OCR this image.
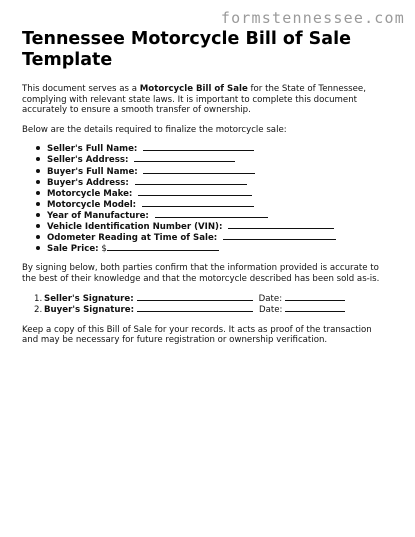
formstennessee.com
Tennessee Motorcycle Bill of Sale Template

This document serves as a Motorcycle Bill of Sale for the State of Tennessee, complying with relevant state laws. It is important to complete this document accurately to ensure a smooth transfer of ownership.

Below are the details required to finalize the motorcycle sale:

Seller's Full Name:
Seller's Address:
Buyer's Full Name:
Buyer's Address:
Motorcycle Make:
Motorcycle Model:
Year of Manufacture:
Vehicle Identification Number (VIN):
Odometer Reading at Time of Sale:
Sale Price: $

By signing below, both parties confirm that the information provided is accurate to the best of their knowledge and that the motorcycle described has been sold as-is.

1. Seller's Signature:	Date:
2. Buyer's Signature:	Date:

Keep a copy of this Bill of Sale for your records. It acts as proof of the transaction and may be necessary for future registration or ownership verification.
